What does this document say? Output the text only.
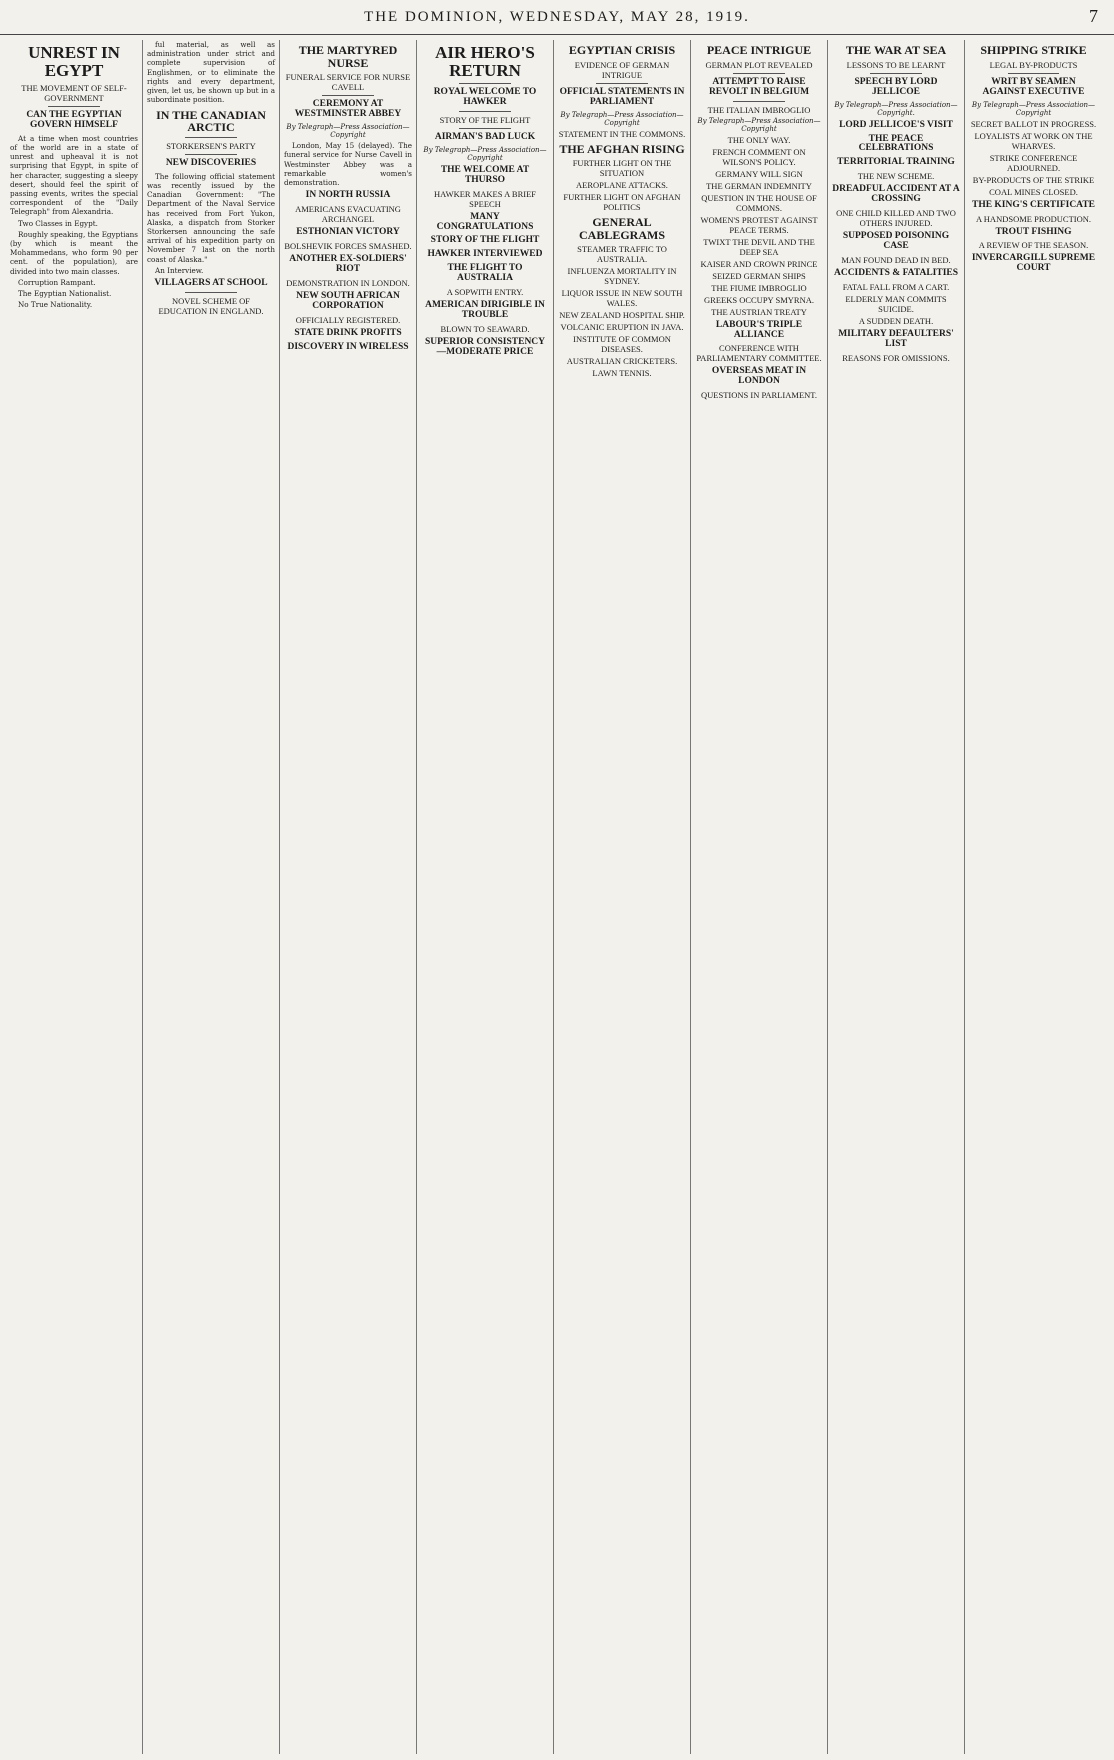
THE DOMINION, WEDNESDAY, MAY 28, 1919.	7
UNREST IN EGYPT
THE MOVEMENT OF SELF-GOVERNMENT
CAN THE EGYPTIAN GOVERN HIMSELF
At a time when most countries of the world are in a state of unrest and upheaval it is not surprising that Egypt, in spite of her character, suggesting a sleepy desert, should feel the spirit of passing events, writes the special correspondent of the "Daily Telegraph" from Alexandria.
Two Classes in Egypt.
Roughly speaking, the Egyptians (by which is meant the Mohammedans, who form 90 per cent. of the population), are divided into two main classes.
Corruption Rampant.
The Egyptian Nationalist.
No True Nationality.
ful material, as well as administration under strict and complete supervision of Englishmen, or to eliminate the rights and every department, given, let us, be shown up but in a subordinate position.
IN THE CANADIAN ARCTIC
STORKERSEN'S PARTY
NEW DISCOVERIES
The following official statement was recently issued by the Canadian Government: "The Department of the Naval Service has received from Fort Yukon, Alaska, a dispatch from Storker Storkersen announcing the safe arrival of his expedition party on November 7 last on the north coast of Alaska."
An Interview.
VILLAGERS AT SCHOOL
NOVEL SCHEME OF EDUCATION IN ENGLAND.
THE MARTYRED NURSE
FUNERAL SERVICE FOR NURSE CAVELL
CEREMONY AT WESTMINSTER ABBEY
By Telegraph—Press Association—Copyright
London, May 15 (delayed). The funeral service for Nurse Cavell in Westminster Abbey was a remarkable women's demonstration.
IN NORTH RUSSIA
AMERICANS EVACUATING ARCHANGEL
ESTHONIAN VICTORY
BOLSHEVIK FORCES SMASHED.
ANOTHER EX-SOLDIERS' RIOT
DEMONSTRATION IN LONDON.
NEW SOUTH AFRICAN CORPORATION
OFFICIALLY REGISTERED.
STATE DRINK PROFITS
DISCOVERY IN WIRELESS
AIR HERO'S RETURN
ROYAL WELCOME TO HAWKER
STORY OF THE FLIGHT
AIRMAN'S BAD LUCK
By Telegraph—Press Association—Copyright
THE WELCOME AT THURSO
HAWKER MAKES A BRIEF SPEECH
MANY CONGRATULATIONS
STORY OF THE FLIGHT
HAWKER INTERVIEWED
THE FLIGHT TO AUSTRALIA
A SOPWITH ENTRY.
AMERICAN DIRIGIBLE IN TROUBLE
BLOWN TO SEAWARD.
SUPERIOR CONSISTENCY—MODERATE PRICE
EGYPTIAN CRISIS
EVIDENCE OF GERMAN INTRIGUE
OFFICIAL STATEMENTS IN PARLIAMENT
By Telegraph—Press Association—Copyright
STATEMENT IN THE COMMONS.
THE AFGHAN RISING
FURTHER LIGHT ON THE SITUATION
AEROPLANE ATTACKS.
FURTHER LIGHT ON AFGHAN POLITICS
GENERAL CABLEGRAMS
STEAMER TRAFFIC TO AUSTRALIA.
INFLUENZA MORTALITY IN SYDNEY.
LIQUOR ISSUE IN NEW SOUTH WALES.
NEW ZEALAND HOSPITAL SHIP.
VOLCANIC ERUPTION IN JAVA.
INSTITUTE OF COMMON DISEASES.
AUSTRALIAN CRICKETERS.
LAWN TENNIS.
PEACE INTRIGUE
GERMAN PLOT REVEALED
ATTEMPT TO RAISE REVOLT IN BELGIUM
THE ITALIAN IMBROGLIO
By Telegraph—Press Association—Copyright
THE ONLY WAY.
FRENCH COMMENT ON WILSON'S POLICY.
GERMANY WILL SIGN
THE GERMAN INDEMNITY
QUESTION IN THE HOUSE OF COMMONS.
WOMEN'S PROTEST AGAINST PEACE TERMS.
TWIXT THE DEVIL AND THE DEEP SEA
KAISER AND CROWN PRINCE
SEIZED GERMAN SHIPS
THE FIUME IMBROGLIO
GREEKS OCCUPY SMYRNA.
THE AUSTRIAN TREATY
LABOUR'S TRIPLE ALLIANCE
CONFERENCE WITH PARLIAMENTARY COMMITTEE.
OVERSEAS MEAT IN LONDON
QUESTIONS IN PARLIAMENT.
THE WAR AT SEA
LESSONS TO BE LEARNT
SPEECH BY LORD JELLICOE
By Telegraph—Press Association—Copyright.
LORD JELLICOE'S VISIT
THE PEACE CELEBRATIONS
TERRITORIAL TRAINING
THE NEW SCHEME.
DREADFUL ACCIDENT AT A CROSSING
ONE CHILD KILLED AND TWO OTHERS INJURED.
SUPPOSED POISONING CASE
MAN FOUND DEAD IN BED.
ACCIDENTS & FATALITIES
FATAL FALL FROM A CART.
ELDERLY MAN COMMITS SUICIDE.
A SUDDEN DEATH.
MILITARY DEFAULTERS' LIST
REASONS FOR OMISSIONS.
SHIPPING STRIKE
LEGAL BY-PRODUCTS
WRIT BY SEAMEN AGAINST EXECUTIVE
By Telegraph—Press Association—Copyright
SECRET BALLOT IN PROGRESS.
LOYALISTS AT WORK ON THE WHARVES.
STRIKE CONFERENCE ADJOURNED.
BY-PRODUCTS OF THE STRIKE
COAL MINES CLOSED.
THE KING'S CERTIFICATE
A HANDSOME PRODUCTION.
TROUT FISHING
A REVIEW OF THE SEASON.
INVERCARGILL SUPREME COURT
